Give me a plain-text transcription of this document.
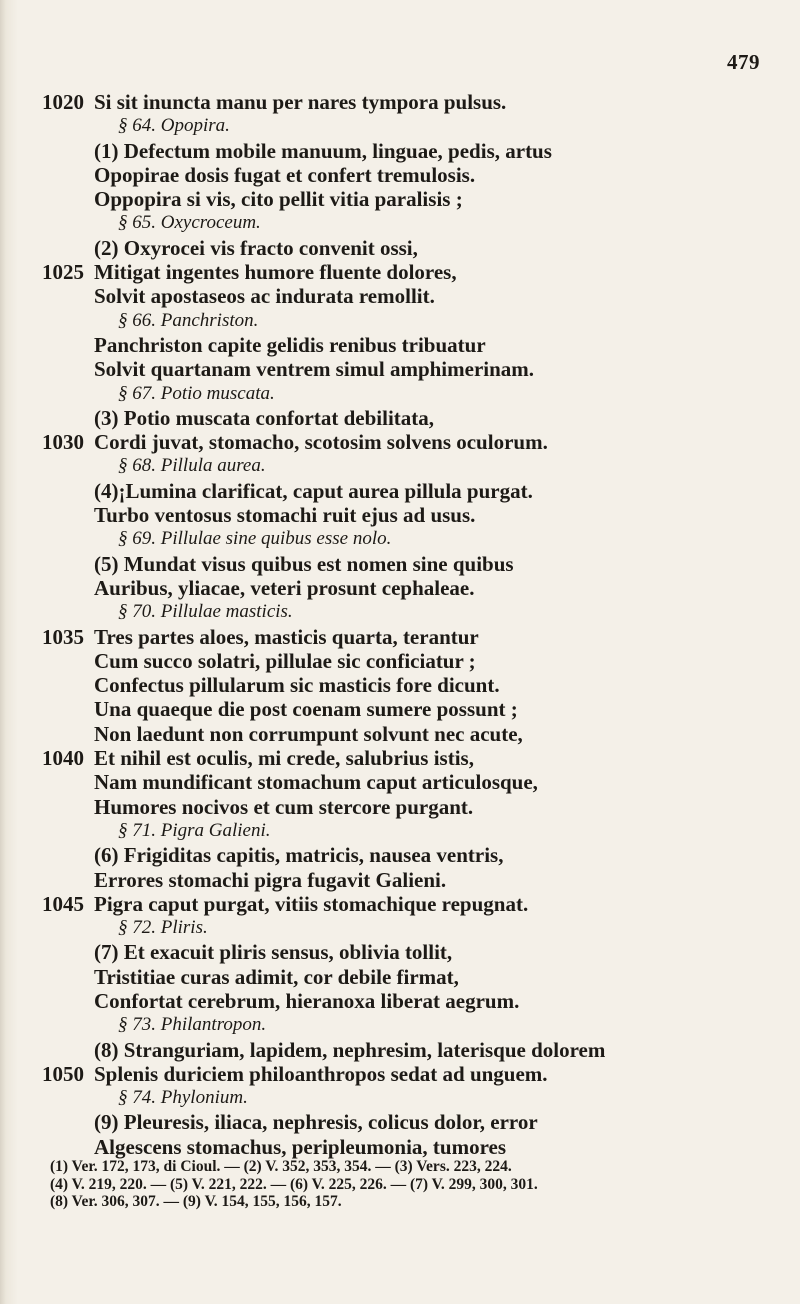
479
1020 Si sit inuncta manu per nares tympora pulsus.
§ 64. Opopira.
(1) Defectum mobile manuum, linguae, pedis, artus
Opopirae dosis fugat et confert tremulosis.
Oppopira si vis, cito pellit vitia paralisis ;
§ 65. Oxycroceum.
(2) Oxyrocei vis fracto convenit ossi,
1025 Mitigat ingentes humore fluente dolores,
Solvit apostaseos ac indurata remollit.
§ 66. Panchriston.
Panchriston capite gelidis renibus tribuatur
Solvit quartanam ventrem simul amphimerinam.
§ 67. Potio muscata.
(3) Potio muscata confortat debilitata,
1030 Cordi juvat, stomacho, scotosim solvens oculorum.
§ 68. Pillula aurea.
(4)¡Lumina clarificat, caput aurea pillula purgat.
Turbo ventosus stomachi ruit ejus ad usus.
§ 69. Pillulae sine quibus esse nolo.
(5) Mundat visus quibus est nomen sine quibus
Auribus, yliacae, veteri prosunt cephaleae.
§ 70. Pillulae masticis.
1035 Tres partes aloes, masticis quarta, terantur
Cum succo solatri, pillulae sic conficiatur ;
Confectus pillularum sic masticis fore dicunt.
Una quaeque die post coenam sumere possunt ;
Non laedunt non corrumpunt solvunt nec acute,
1040 Et nihil est oculis, mi crede, salubrius istis,
Nam mundificant stomachum caput articulosque,
Humores nocivos et cum stercore purgant.
§ 71. Pigra Galieni.
(6) Frigiditas capitis, matricis, nausea ventris,
Errores stomachi pigra fugavit Galieni.
1045 Pigra caput purgat, vitiis stomachique repugnat.
§ 72. Pliris.
(7) Et exacuit pliris sensus, oblivia tollit,
Tristitiae curas adimit, cor debile firmat,
Confortat cerebrum, hieranoxa liberat aegrum.
§ 73. Philantropon.
(8) Stranguriam, lapidem, nephresim, laterisque dolorem
1050 Splenis duriciem philoanthropos sedat ad unguem.
§ 74. Phylonium.
(9) Pleuresis, iliaca, nephresis, colicus dolor, error
Algescens stomachus, peripleumonia, tumores
(1) Ver. 172, 173, di Cioul. — (2) V. 352, 353, 354. — (3) Vers. 223, 224.
(4) V. 219, 220. — (5) V. 221, 222. — (6) V. 225, 226. — (7) V. 299, 300, 301.
(8) Ver. 306, 307. — (9) V. 154, 155, 156, 157.
